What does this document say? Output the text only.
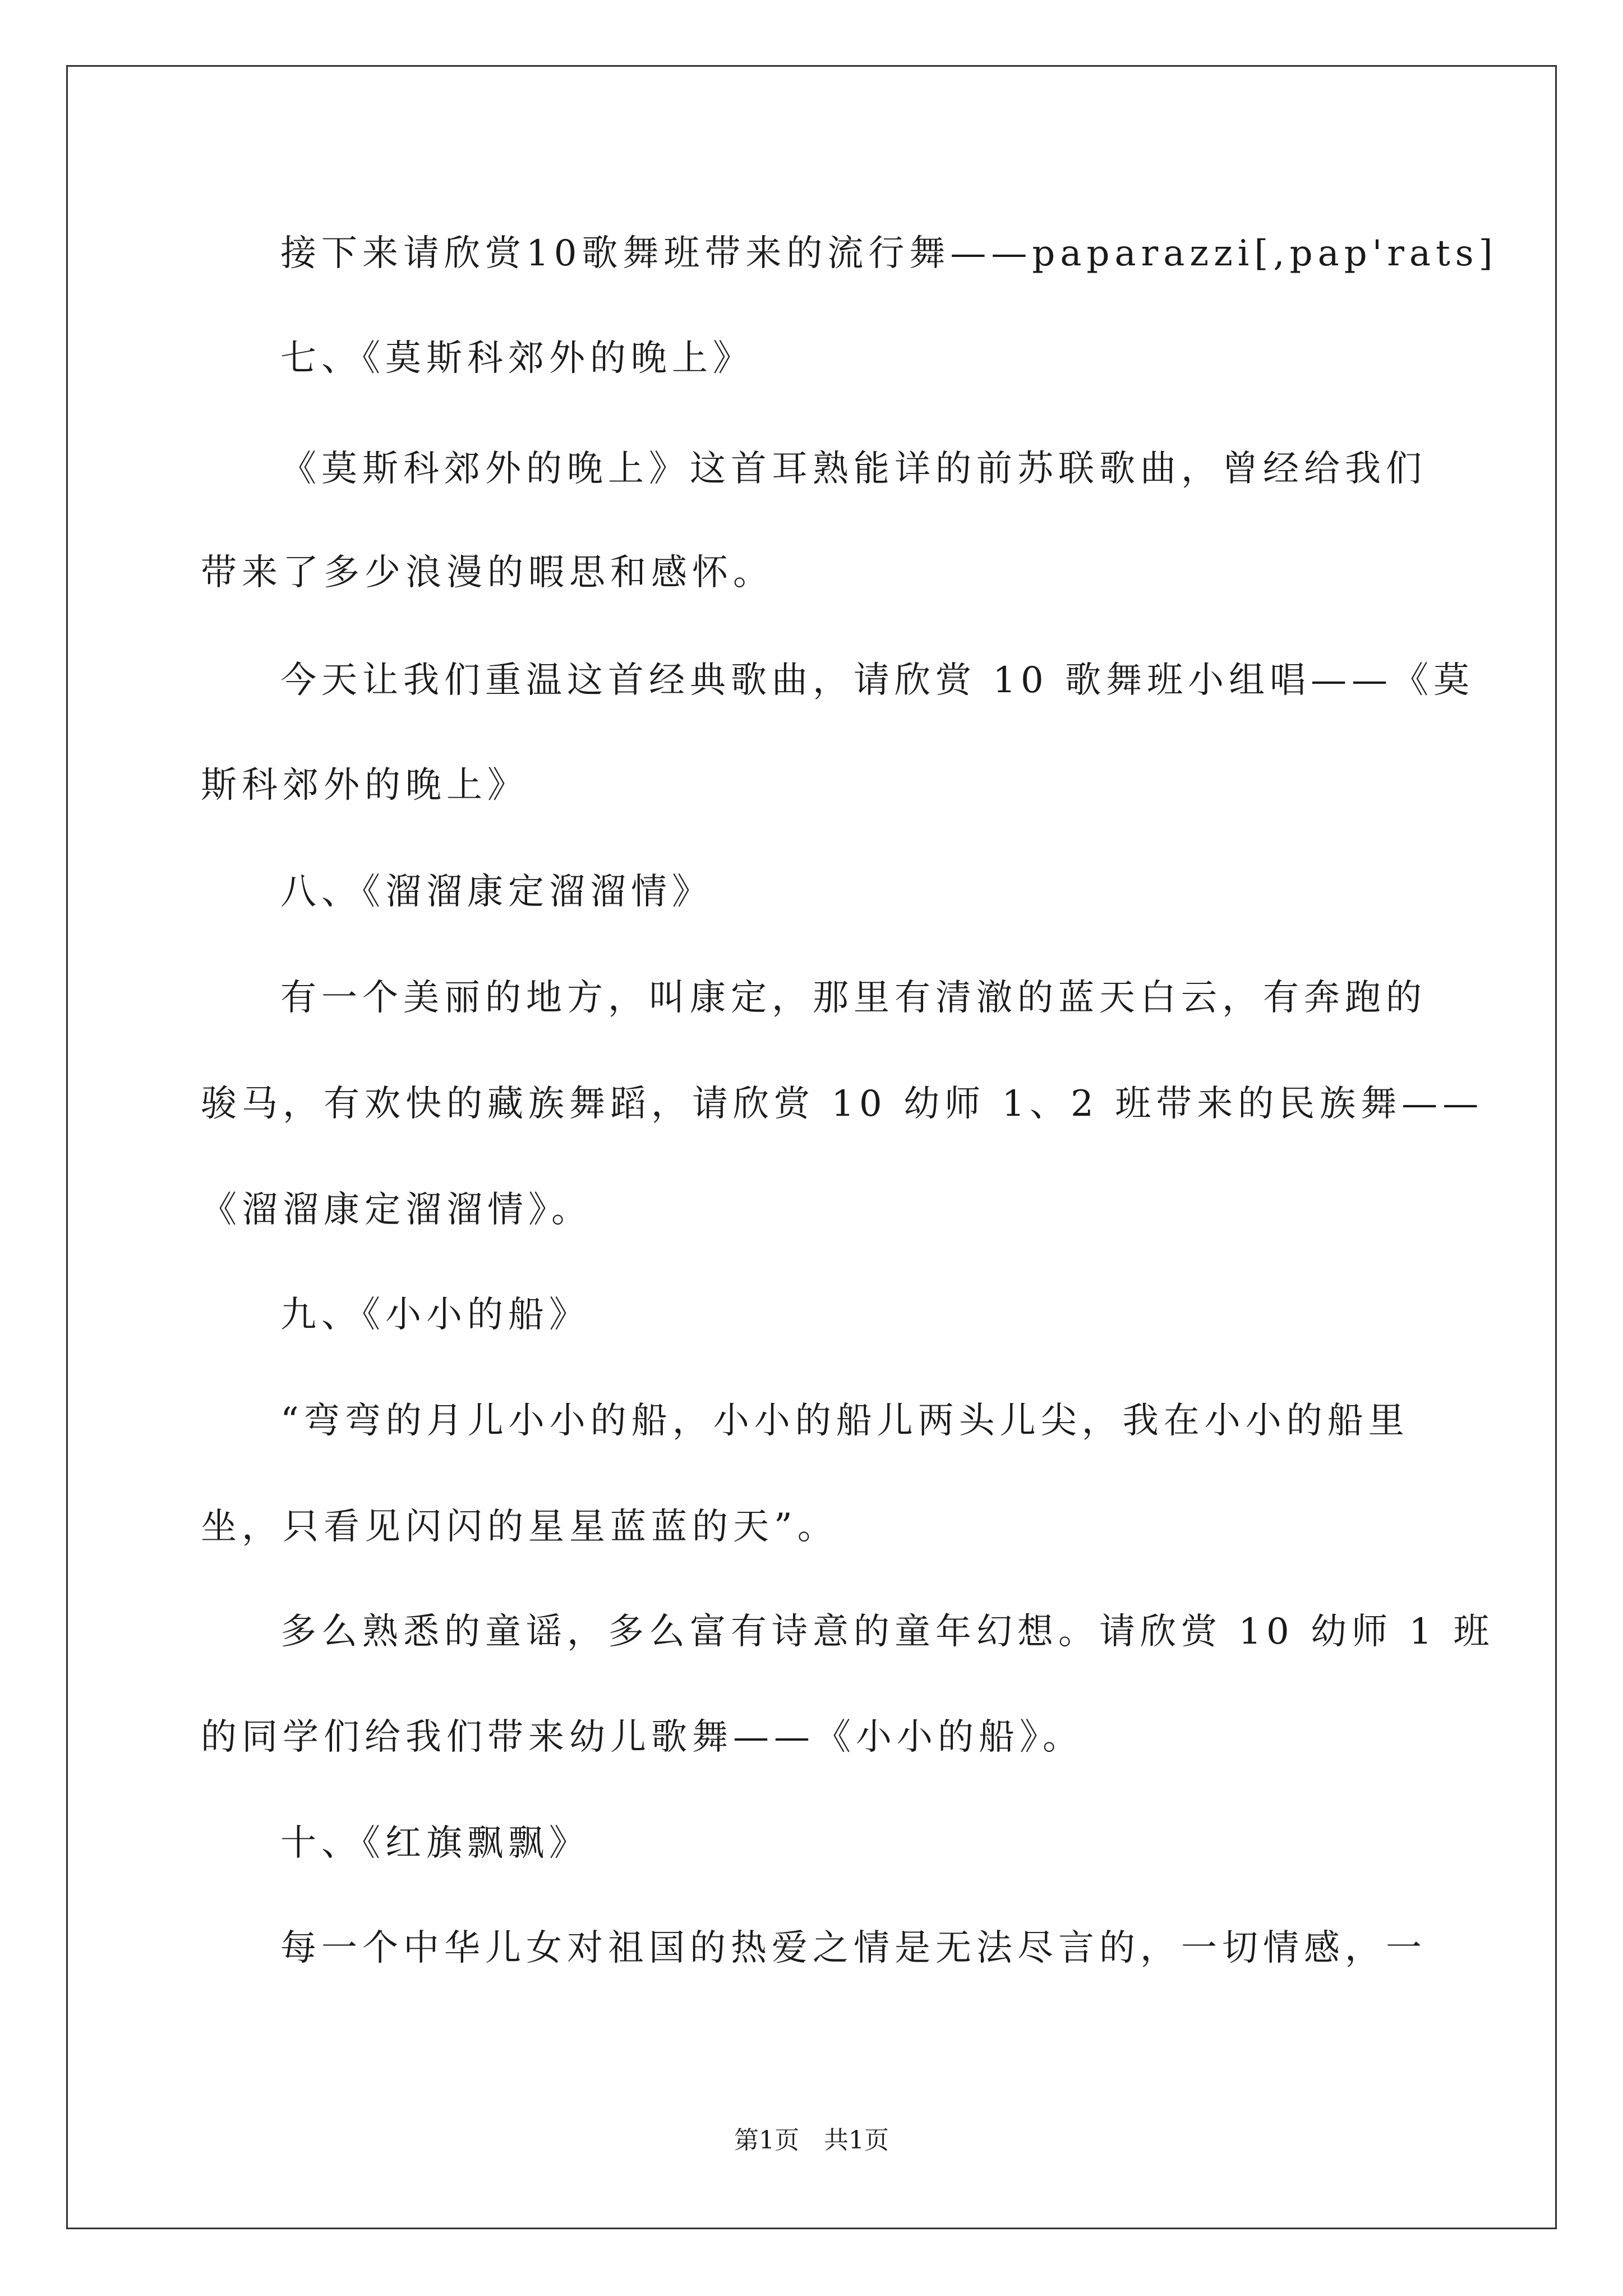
接下来请欣赏10歌舞班带来的流行舞——paparazzi[,pap'rats]
七、《莫斯科郊外的晚上》
《莫斯科郊外的晚上》这首耳熟能详的前苏联歌曲，曾经给我们
带来了多少浪漫的暇思和感怀。
今天让我们重温这首经典歌曲，请欣赏 10 歌舞班小组唱——《莫
斯科郊外的晚上》
八、《溜溜康定溜溜情》
有一个美丽的地方，叫康定，那里有清澈的蓝天白云，有奔跑的
骏马，有欢快的藏族舞蹈，请欣赏 10 幼师 1、2 班带来的民族舞——
《溜溜康定溜溜情》。
九、《小小的船》
“弯弯的月儿小小的船，小小的船儿两头儿尖，我在小小的船里
坐，只看见闪闪的星星蓝蓝的天”。
多么熟悉的童谣，多么富有诗意的童年幻想。请欣赏 10 幼师 1 班
的同学们给我们带来幼儿歌舞——《小小的船》。
十、《红旗飘飘》
每一个中华儿女对祖国的热爱之情是无法尽言的，一切情感，一
第1页　共1页
